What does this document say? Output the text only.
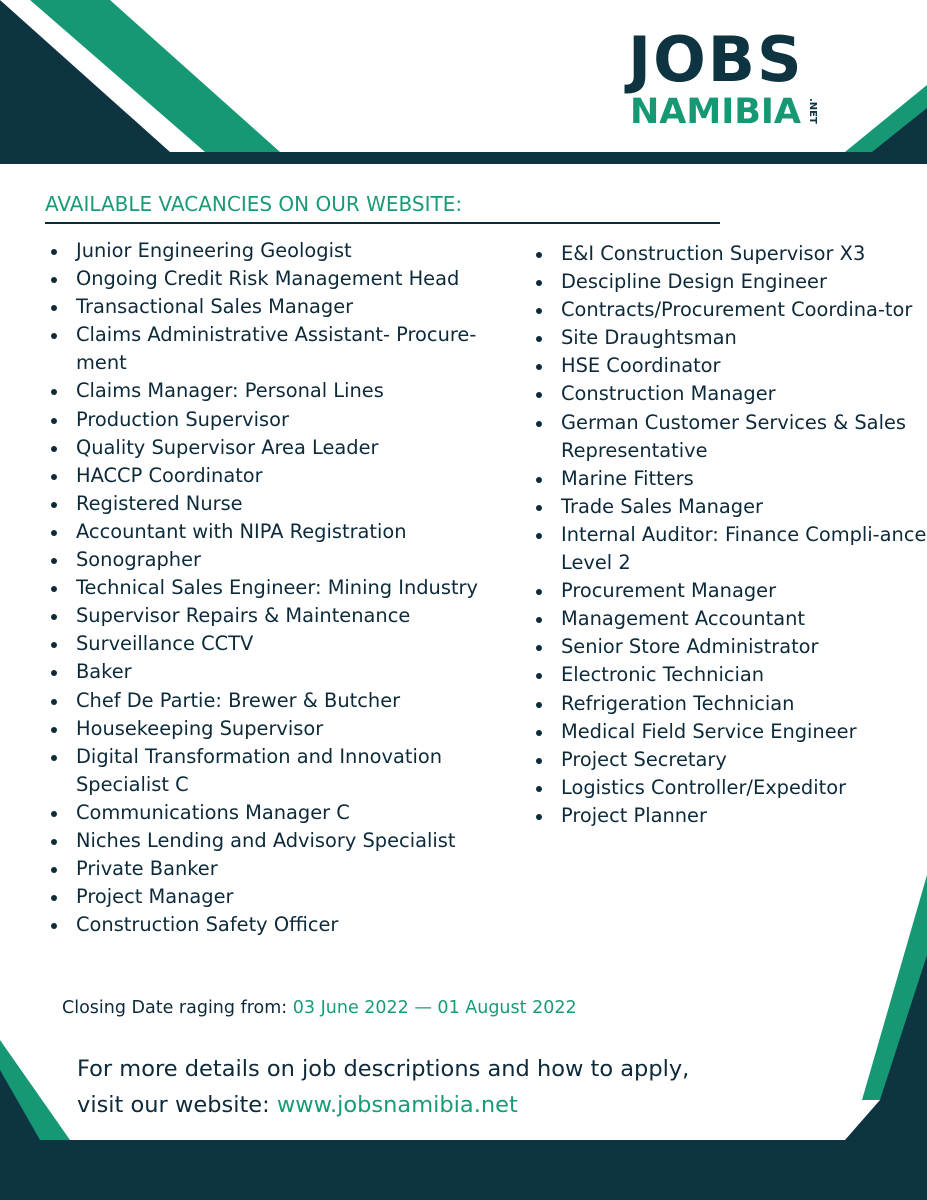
JOBS
NAMIBIA .NET
AVAILABLE VACANCIES ON OUR WEBSITE:
Junior Engineering Geologist
Ongoing Credit Risk Management Head
Transactional Sales Manager
Claims Administrative Assistant- Procure-ment
Claims Manager: Personal Lines
Production Supervisor
Quality Supervisor Area Leader
HACCP Coordinator
Registered Nurse
Accountant with NIPA Registration
Sonographer
Technical Sales Engineer: Mining Industry
Supervisor Repairs & Maintenance
Surveillance CCTV
Baker
Chef De Partie: Brewer & Butcher
Housekeeping Supervisor
Digital Transformation and Innovation Specialist C
Communications Manager C
Niches Lending and Advisory Specialist
Private Banker
Project Manager
Construction Safety Officer
E&I Construction Supervisor X3
Descipline Design Engineer
Contracts/Procurement Coordina-tor
Site Draughtsman
HSE Coordinator
Construction Manager
German Customer Services & Sales Representative
Marine Fitters
Trade Sales Manager
Internal Auditor: Finance Compli-ance Level 2
Procurement Manager
Management Accountant
Senior Store Administrator
Electronic Technician
Refrigeration Technician
Medical Field Service Engineer
Project Secretary
Logistics Controller/Expeditor
Project Planner
Closing Date raging from: 03 June 2022 — 01 August 2022
For more details on job descriptions and how to apply,
visit our website: www.jobsnamibia.net
